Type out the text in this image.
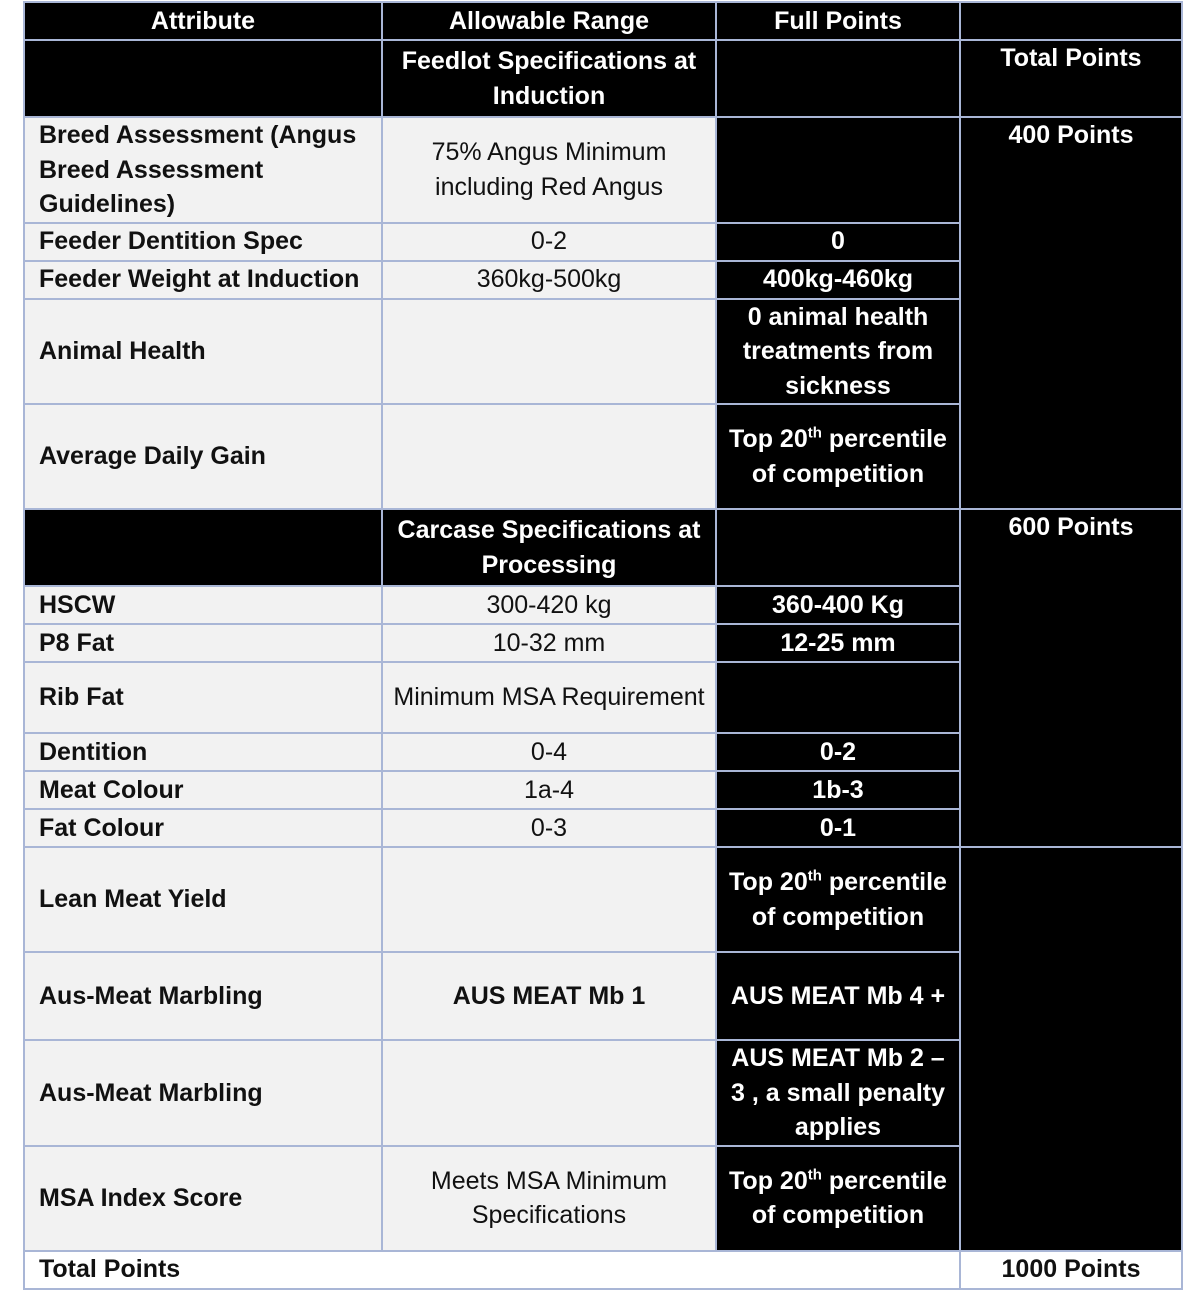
Attribute	Allowable Range	Full Points	
	Feedlot Specifications at Induction		Total Points
Breed Assessment (Angus Breed Assessment Guidelines)	75% Angus Minimum including Red Angus		400 Points
Feeder Dentition Spec	0-2	0	
Feeder Weight at Induction	360kg-500kg	400kg-460kg	
Animal Health		0 animal health treatments from sickness	
Average Daily Gain		Top 20th percentile of competition	
	Carcase Specifications at Processing		600 Points
HSCW	300-420 kg	360-400 Kg	
P8 Fat	10-32 mm	12-25 mm	
Rib Fat	Minimum MSA Requirement		
Dentition	0-4	0-2	
Meat Colour	1a-4	1b-3	
Fat Colour	0-3	0-1	
Lean Meat Yield		Top 20th percentile of competition	
Aus-Meat Marbling	AUS MEAT Mb 1	AUS MEAT Mb 4 +	
Aus-Meat Marbling		AUS MEAT Mb 2 – 3 , a small penalty applies	
MSA Index Score	Meets MSA Minimum Specifications	Top 20th percentile of competition	
Total Points			1000 Points
